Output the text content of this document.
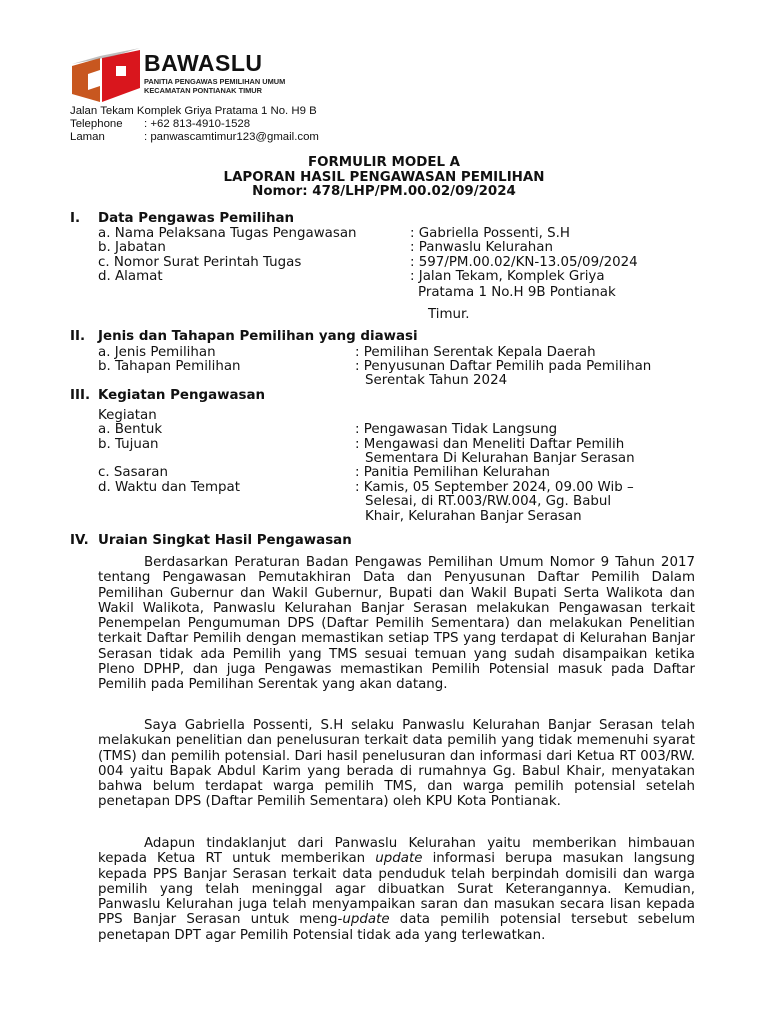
BAWASLU
PANITIA PENGAWAS PEMILIHAN UMUM
KECAMATAN PONTIANAK TIMUR
Jalan Tekam Komplek Griya Pratama 1 No. H9 B
Telephone : +62 813-4910-1528
Laman	: panwascamtimur123@gmail.com
FORMULIR MODEL A
LAPORAN HASIL PENGAWASAN PEMILIHAN
Nomor: 478/LHP/PM.00.02/09/2024
I. Data Pengawas Pemilihan
a. Nama Pelaksana Tugas Pengawasan	: Gabriella Possenti, S.H
b. Jabatan	: Panwaslu Kelurahan
c. Nomor Surat Perintah Tugas	: 597/PM.00.02/KN-13.05/09/2024
d. Alamat	: Jalan Tekam, Komplek Griya
Pratama 1 No.H 9B Pontianak
Timur.
II. Jenis dan Tahapan Pemilihan yang diawasi
a. Jenis Pemilihan	: Pemilihan Serentak Kepala Daerah
b. Tahapan Pemilihan	: Penyusunan Daftar Pemilih pada Pemilihan
Serentak Tahun 2024
III. Kegiatan Pengawasan
Kegiatan
a. Bentuk	: Pengawasan Tidak Langsung
b. Tujuan	: Mengawasi dan Meneliti Daftar Pemilih
Sementara Di Kelurahan Banjar Serasan
c. Sasaran	: Panitia Pemilihan Kelurahan
d. Waktu dan Tempat	: Kamis, 05 September 2024, 09.00 Wib –
Selesai, di RT.003/RW.004, Gg. Babul
Khair, Kelurahan Banjar Serasan
IV. Uraian Singkat Hasil Pengawasan

Berdasarkan Peraturan Badan Pengawas Pemilihan Umum Nomor 9 Tahun 2017 tentang Pengawasan Pemutakhiran Data dan Penyusunan Daftar Pemilih Dalam Pemilihan Gubernur dan Wakil Gubernur, Bupati dan Wakil Bupati Serta Walikota dan Wakil Walikota, Panwaslu Kelurahan Banjar Serasan melakukan Pengawasan terkait Penempelan Pengumuman DPS (Daftar Pemilih Sementara) dan melakukan Penelitian terkait Daftar Pemilih dengan memastikan setiap TPS yang terdapat di Kelurahan Banjar Serasan tidak ada Pemilih yang TMS sesuai temuan yang sudah disampaikan ketika Pleno DPHP, dan juga Pengawas memastikan Pemilih Potensial masuk pada Daftar Pemilih pada Pemilihan Serentak yang akan datang.

Saya Gabriella Possenti, S.H selaku Panwaslu Kelurahan Banjar Serasan telah melakukan penelitian dan penelusuran terkait data pemilih yang tidak memenuhi syarat (TMS) dan pemilih potensial. Dari hasil penelusuran dan informasi dari Ketua RT 003/RW. 004 yaitu Bapak Abdul Karim yang berada di rumahnya Gg. Babul Khair, menyatakan bahwa belum terdapat warga pemilih TMS, dan warga pemilih potensial setelah penetapan DPS (Daftar Pemilih Sementara) oleh KPU Kota Pontianak.

Adapun tindaklanjut dari Panwaslu Kelurahan yaitu memberikan himbauan kepada Ketua RT untuk memberikan update informasi berupa masukan langsung kepada PPS Banjar Serasan terkait data penduduk telah berpindah domisili dan warga pemilih yang telah meninggal agar dibuatkan Surat Keterangannya. Kemudian, Panwaslu Kelurahan juga telah menyampaikan saran dan masukan secara lisan kepada PPS Banjar Serasan untuk meng-update data pemilih potensial tersebut sebelum penetapan DPT agar Pemilih Potensial tidak ada yang terlewatkan.
